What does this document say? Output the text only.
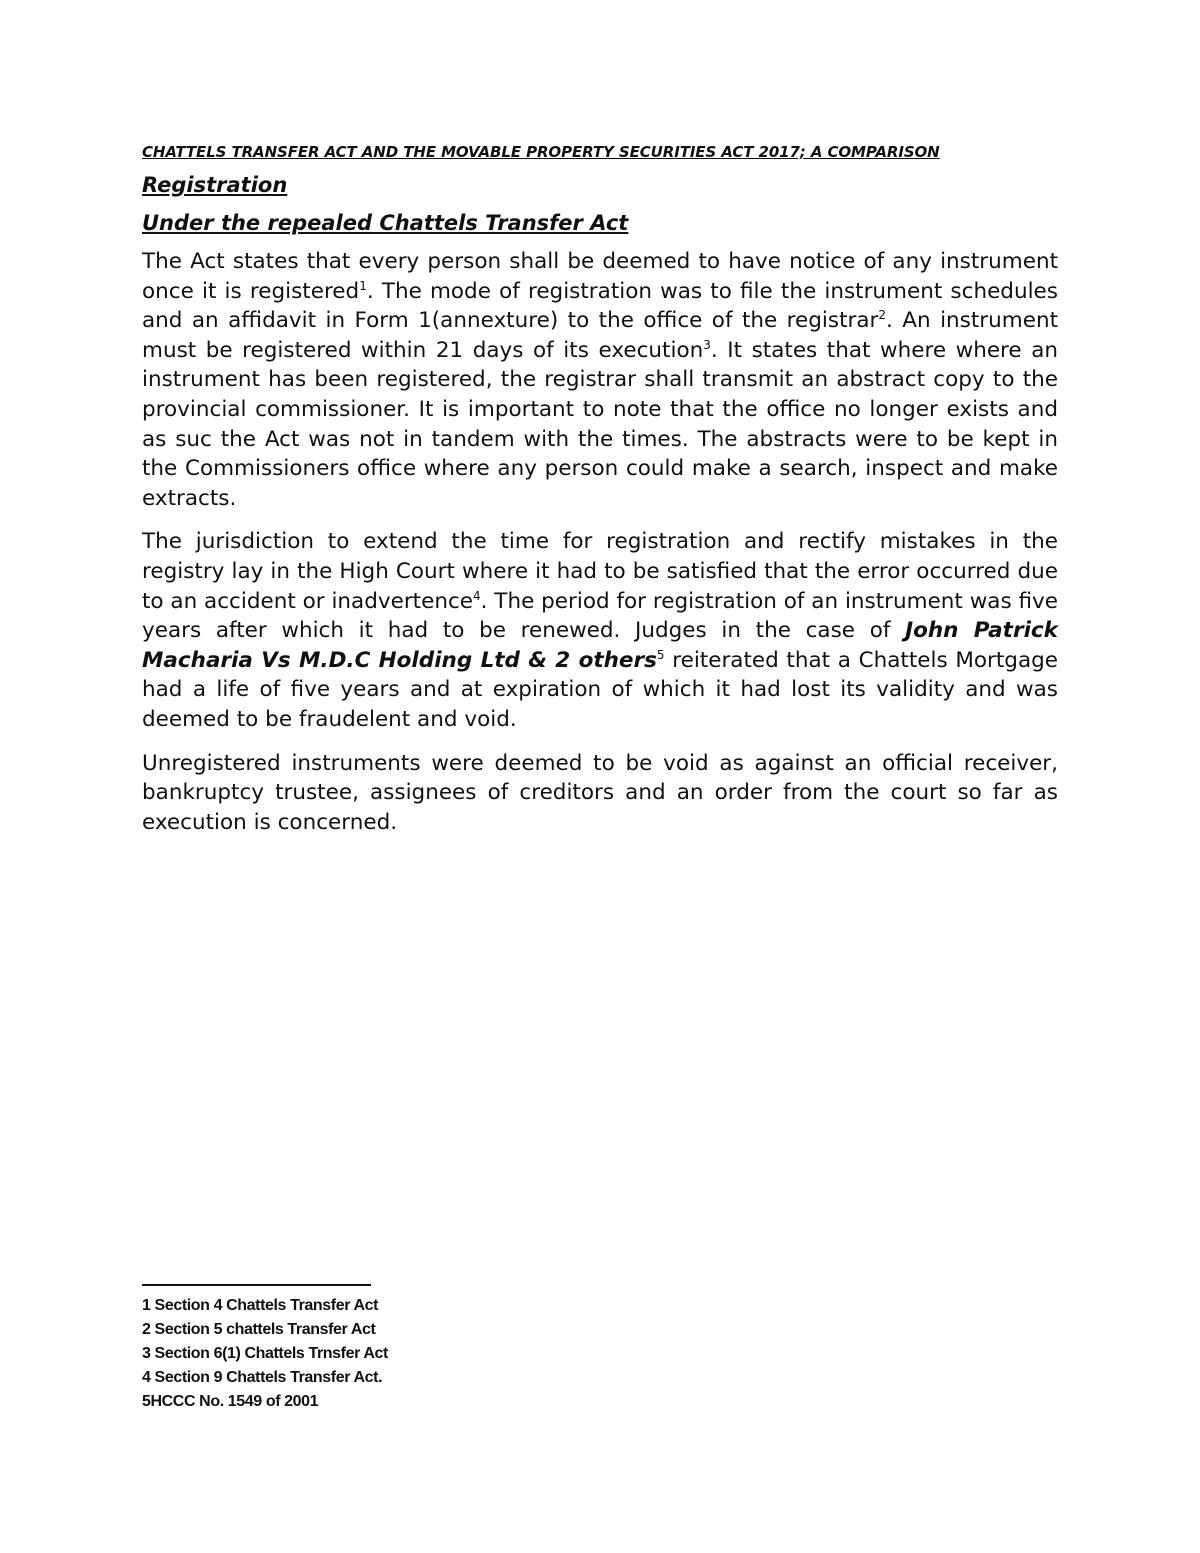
CHATTELS TRANSFER ACT AND THE MOVABLE PROPERTY SECURITIES ACT 2017; A COMPARISON
Registration
Under the repealed Chattels Transfer Act

The Act states that every person shall be deemed to have notice of any instrument once it is registered$^1$. The mode of registration was to file the instrument schedules and an affidavit in Form 1(annexture) to the office of the registrar$^2$. An instrument must be registered within 21 days of its execution$^3$. It states that where where an instrument has been registered, the registrar shall transmit an abstract copy to the provincial commissioner. It is important to note that the office no longer exists and as suc the Act was not in tandem with the times. The abstracts were to be kept in the Commissioners office where any person could make a search, inspect and make extracts.

The jurisdiction to extend the time for registration and rectify mistakes in the registry lay in the High Court where it had to be satisfied that the error occurred due to an accident or inadvertence$^4$. The period for registration of an instrument was five years after which it had to be renewed. Judges in the case of John Patrick Macharia Vs M.D.C Holding Ltd & 2 others$^5$ reiterated that a Chattels Mortgage had a life of five years and at expiration of which it had lost its validity and was deemed to be fraudelent and void.

Unregistered instruments were deemed to be void as against an official receiver, bankruptcy trustee, assignees of creditors and an order from the court so far as execution is concerned.

1 Section 4 Chattels Transfer Act
2 Section 5 chattels Transfer Act
3 Section 6(1) Chattels Trnsfer Act
4 Section 9 Chattels Transfer Act.
5HCCC No. 1549 of 2001
